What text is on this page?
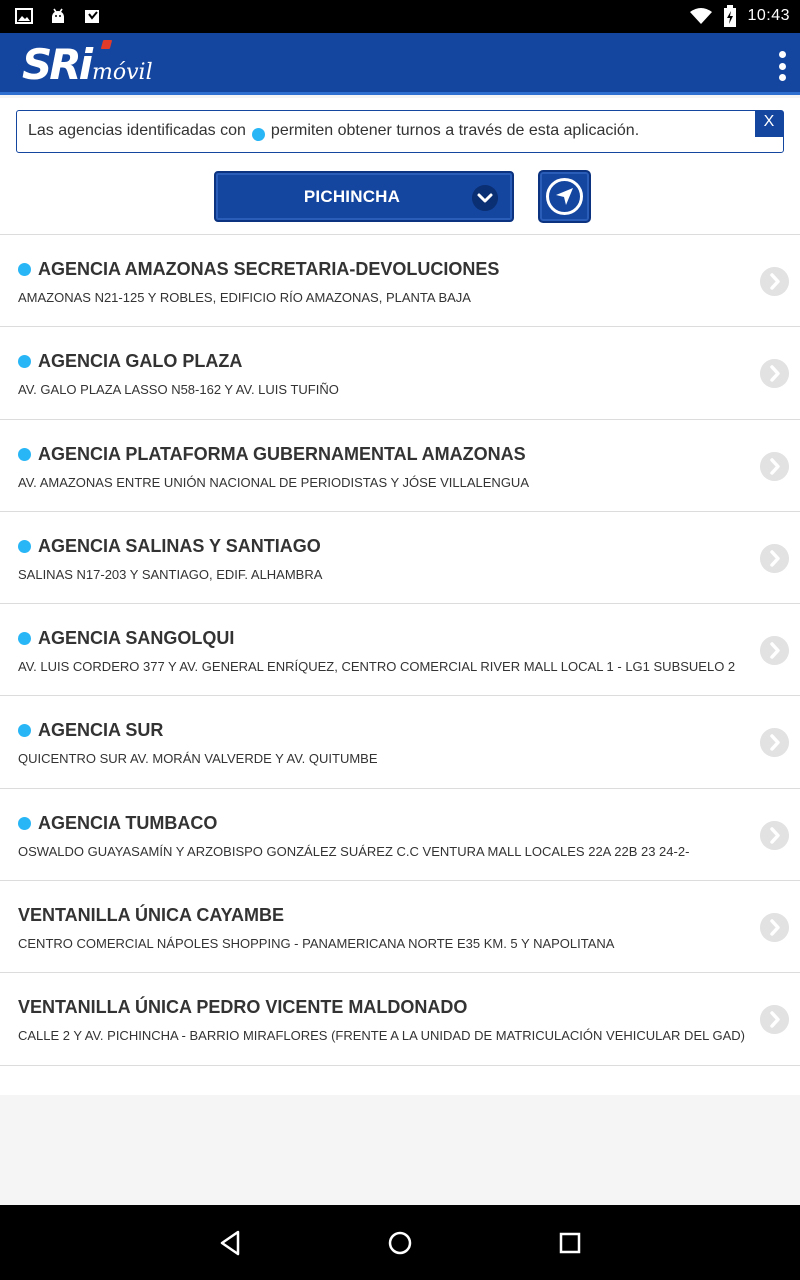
10:43
SRi móvil
Las agencias identificadas con permiten obtener turnos a través de esta aplicación.
X
PICHINCHA
AGENCIA AMAZONAS SECRETARIA-DEVOLUCIONES
AMAZONAS N21-125 Y ROBLES, EDIFICIO RÍO AMAZONAS, PLANTA BAJA
AGENCIA GALO PLAZA
AV. GALO PLAZA LASSO N58-162 Y AV. LUIS TUFIÑO
AGENCIA PLATAFORMA GUBERNAMENTAL AMAZONAS
AV. AMAZONAS ENTRE UNIÓN NACIONAL DE PERIODISTAS Y JÓSE VILLALENGUA
AGENCIA SALINAS Y SANTIAGO
SALINAS N17-203 Y SANTIAGO, EDIF. ALHAMBRA
AGENCIA SANGOLQUI
AV. LUIS CORDERO 377 Y AV. GENERAL ENRÍQUEZ, CENTRO COMERCIAL RIVER MALL LOCAL 1 - LG1 SUBSUELO 2
AGENCIA SUR
QUICENTRO SUR AV. MORÁN VALVERDE Y AV. QUITUMBE
AGENCIA TUMBACO
OSWALDO GUAYASAMÍN Y ARZOBISPO GONZÁLEZ SUÁREZ C.C VENTURA MALL LOCALES 22A 22B 23 24-2-
VENTANILLA ÚNICA CAYAMBE
CENTRO COMERCIAL NÁPOLES SHOPPING - PANAMERICANA NORTE E35 KM. 5 Y NAPOLITANA
VENTANILLA ÚNICA PEDRO VICENTE MALDONADO
CALLE 2 Y AV. PICHINCHA - BARRIO MIRAFLORES (FRENTE A LA UNIDAD DE MATRICULACIÓN VEHICULAR DEL GAD)
